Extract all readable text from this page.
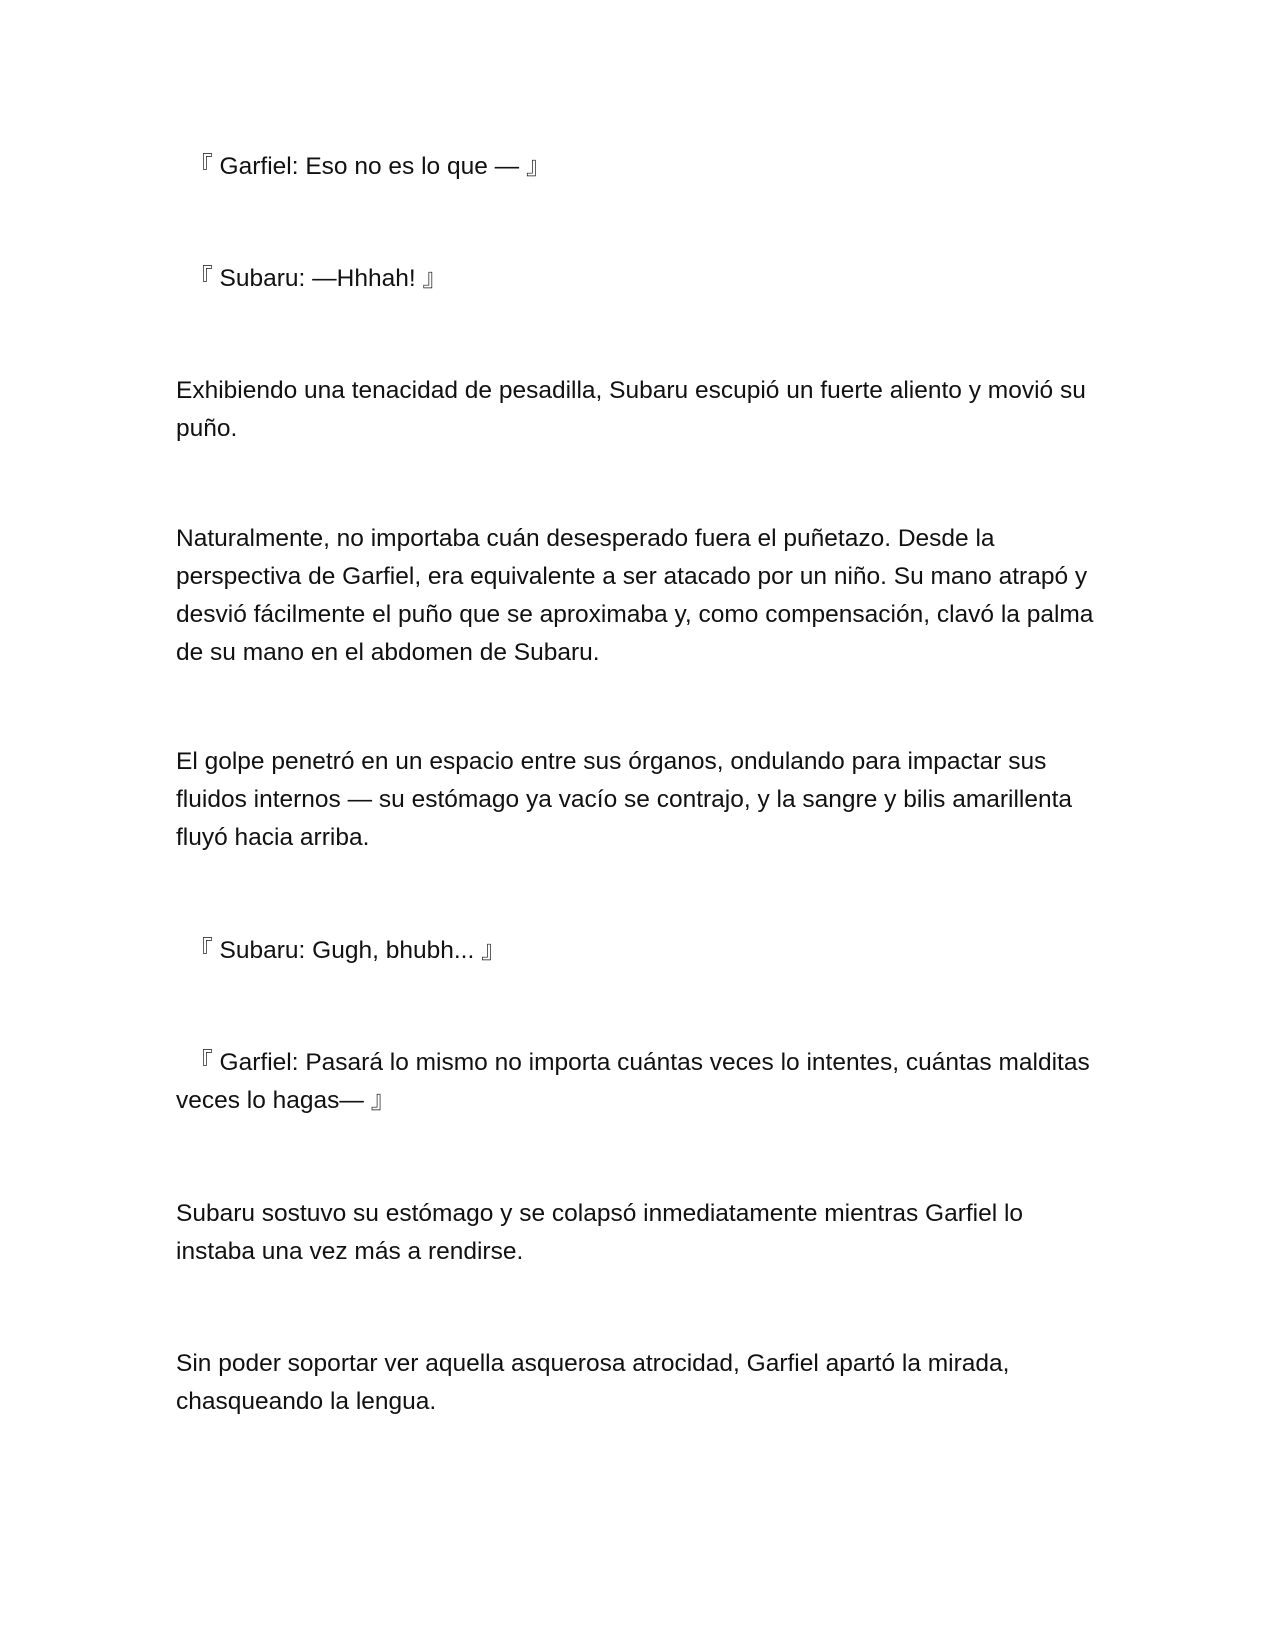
　『 Garfiel: Eso no es lo que — 』

　『 Subaru: —Hhhah! 』

Exhibiendo una tenacidad de pesadilla, Subaru escupió un fuerte aliento y movió su puño.

Naturalmente, no importaba cuán desesperado fuera el puñetazo. Desde la perspectiva de Garfiel, era equivalente a ser atacado por un niño. Su mano atrapó y desvió fácilmente el puño que se aproximaba y, como compensación, clavó la palma de su mano en el abdomen de Subaru.

El golpe penetró en un espacio entre sus órganos, ondulando para impactar sus fluidos internos — su estómago ya vacío se contrajo, y la sangre y bilis amarillenta fluyó hacia arriba.

　『 Subaru: Gugh, bhubh... 』

　『 Garfiel: Pasará lo mismo no importa cuántas veces lo intentes, cuántas malditas veces lo hagas— 』

Subaru sostuvo su estómago y se colapsó inmediatamente mientras Garfiel lo instaba una vez más a rendirse.

Sin poder soportar ver aquella asquerosa atrocidad, Garfiel apartó la mirada, chasqueando la lengua.
